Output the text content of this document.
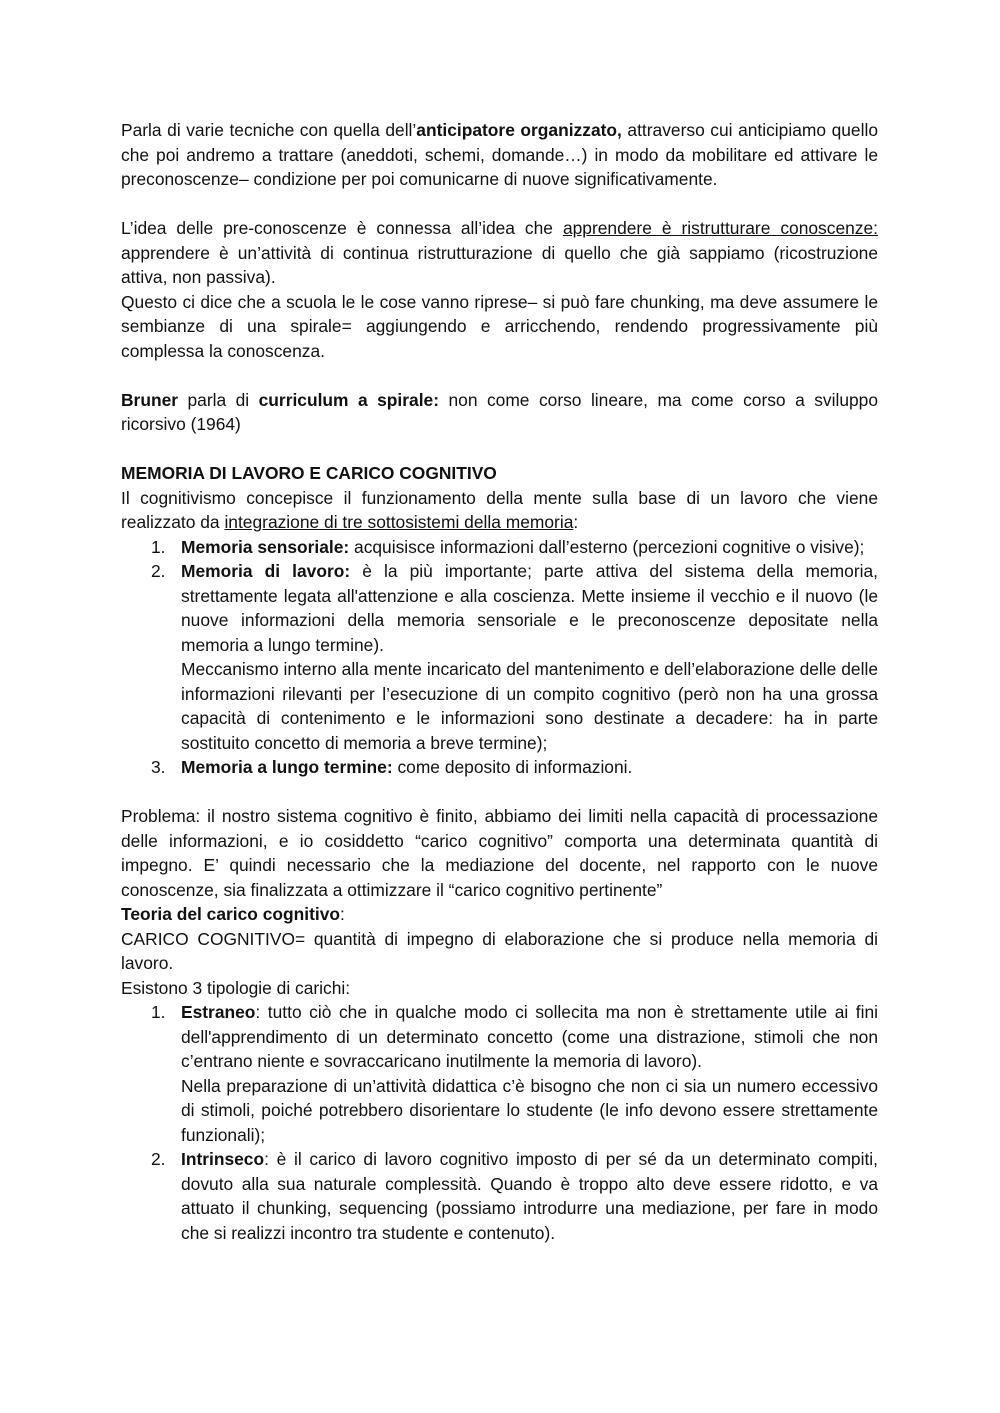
Parla di varie tecniche con quella dell’anticipatore organizzato, attraverso cui anticipiamo quello che poi andremo a trattare (aneddoti, schemi, domande…) in modo da mobilitare ed attivare le preconoscenze– condizione per poi comunicarne di nuove significativamente.

L’idea delle pre-conoscenze è connessa all’idea che apprendere è ristrutturare conoscenze: apprendere è un’attività di continua ristrutturazione di quello che già sappiamo (ricostruzione attiva, non passiva).

Questo ci dice che a scuola le le cose vanno riprese– si può fare chunking, ma deve assumere le sembianze di una spirale= aggiungendo e arricchendo, rendendo progressivamente più complessa la conoscenza.

Bruner parla di curriculum a spirale: non come corso lineare, ma come corso a sviluppo ricorsivo (1964)

MEMORIA DI LAVORO E CARICO COGNITIVO

Il cognitivismo concepisce il funzionamento della mente sulla base di un lavoro che viene realizzato da integrazione di tre sottosistemi della memoria:

1. Memoria sensoriale: acquisisce informazioni dall’esterno (percezioni cognitive o visive);
2. Memoria di lavoro: è la più importante; parte attiva del sistema della memoria, strettamente legata all'attenzione e alla coscienza. Mette insieme il vecchio e il nuovo (le nuove informazioni della memoria sensoriale e le preconoscenze depositate nella memoria a lungo termine).

Meccanismo interno alla mente incaricato del mantenimento e dell’elaborazione delle delle informazioni rilevanti per l’esecuzione di un compito cognitivo (però non ha una grossa capacità di contenimento e le informazioni sono destinate a decadere: ha in parte sostituito concetto di memoria a breve termine);

3. Memoria a lungo termine: come deposito di informazioni.

Problema: il nostro sistema cognitivo è finito, abbiamo dei limiti nella capacità di processazione delle informazioni, e io cosiddetto “carico cognitivo” comporta una determinata quantità di impegno. E’ quindi necessario che la mediazione del docente, nel rapporto con le nuove conoscenze, sia finalizzata a ottimizzare il “carico cognitivo pertinente”

Teoria del carico cognitivo:

CARICO COGNITIVO= quantità di impegno di elaborazione che si produce nella memoria di lavoro.

Esistono 3 tipologie di carichi:

1. Estraneo: tutto ciò che in qualche modo ci sollecita ma non è strettamente utile ai fini dell'apprendimento di un determinato concetto (come una distrazione, stimoli che non c’entrano niente e sovraccaricano inutilmente la memoria di lavoro).

Nella preparazione di un’attività didattica c’è bisogno che non ci sia un numero eccessivo di stimoli, poiché potrebbero disorientare lo studente (le info devono essere strettamente funzionali);

2. Intrinseco: è il carico di lavoro cognitivo imposto di per sé da un determinato compiti, dovuto alla sua naturale complessità. Quando è troppo alto deve essere ridotto, e va attuato il chunking, sequencing (possiamo introdurre una mediazione, per fare in modo che si realizzi incontro tra studente e contenuto).
